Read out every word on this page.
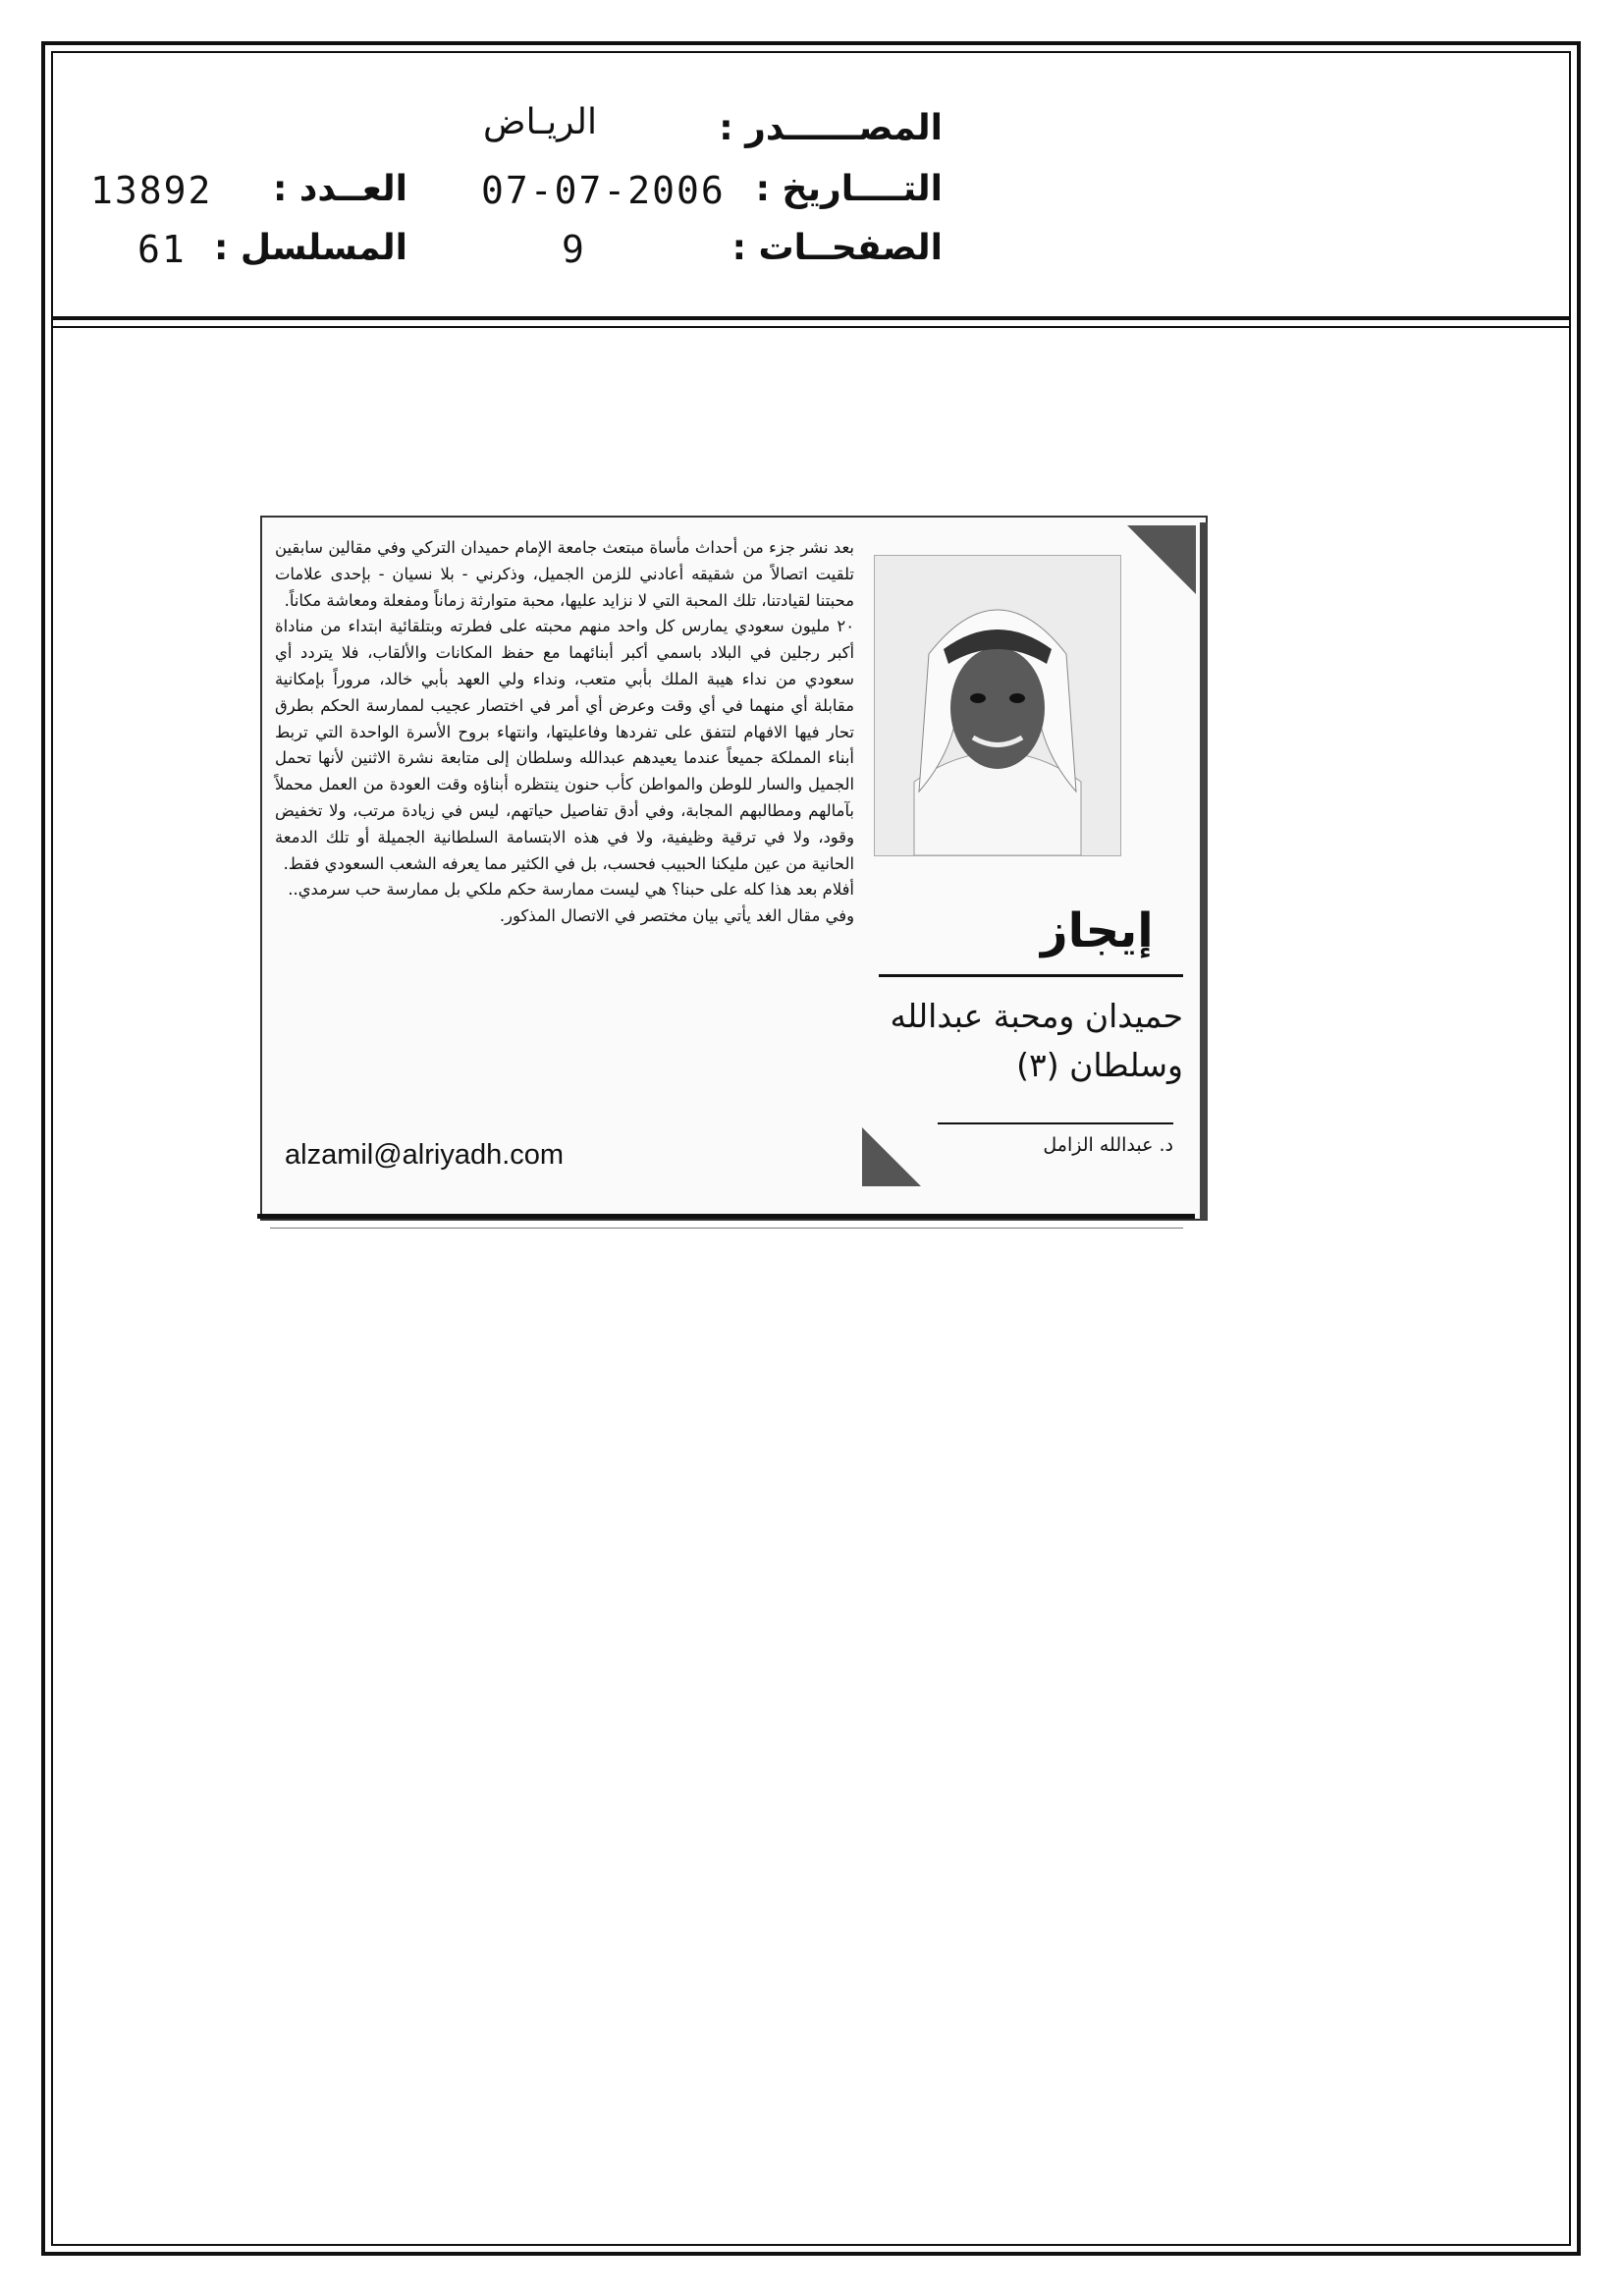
المصــــــدر :
الريـاض
التــــاريخ :
07-07-2006
العــدد :
13892
الصفحــات :
9
المسلسل :
61

بعد نشر جزء من أحداث مأساة مبتعث جامعة الإمام حميدان التركي وفي مقالين سابقين تلقيت اتصالاً من شقيقه أعادني للزمن الجميل، وذكرني - بلا نسيان - بإحدى علامات محبتنا لقيادتنا، تلك المحبة التي لا نزايد عليها، محبة متوارثة زماناً ومفعلة ومعاشة مكاناً.

٢٠ مليون سعودي يمارس كل واحد منهم محبته على فطرته وبتلقائية ابتداء من مناداة أكبر رجلين في البلاد باسمي أكبر أبنائهما مع حفظ المكانات والألقاب، فلا يتردد أي سعودي من نداء هيبة الملك بأبي متعب، ونداء ولي العهد بأبي خالد، مروراً بإمكانية مقابلة أي منهما في أي وقت وعرض أي أمر في اختصار عجيب لممارسة الحكم بطرق تحار فيها الافهام لتتفق على تفردها وفاعليتها، وانتهاء بروح الأسرة الواحدة التي تربط أبناء المملكة جميعاً عندما يعيدهم عبدالله وسلطان إلى متابعة نشرة الاثنين لأنها تحمل الجميل والسار للوطن والمواطن كأب حنون ينتظره أبناؤه وقت العودة من العمل محملاً بآمالهم ومطالبهم المجابة، وفي أدق تفاصيل حياتهم، ليس في زيادة مرتب، ولا تخفيض وقود، ولا في ترقية وظيفية، ولا في هذه الابتسامة السلطانية الجميلة أو تلك الدمعة الحانية من عين مليكنا الحبيب فحسب، بل في الكثير مما يعرفه الشعب السعودي فقط.

أفلام بعد هذا كله على حبنا؟ هي ليست ممارسة حكم ملكي بل ممارسة حب سرمدي..

وفي مقال الغد يأتي بيان مختصر في الاتصال المذكور.

alzamil@alriyadh.com
إيجاز
حميدان ومحبة عبدالله
وسلطان (٣)
د. عبدالله الزامل
